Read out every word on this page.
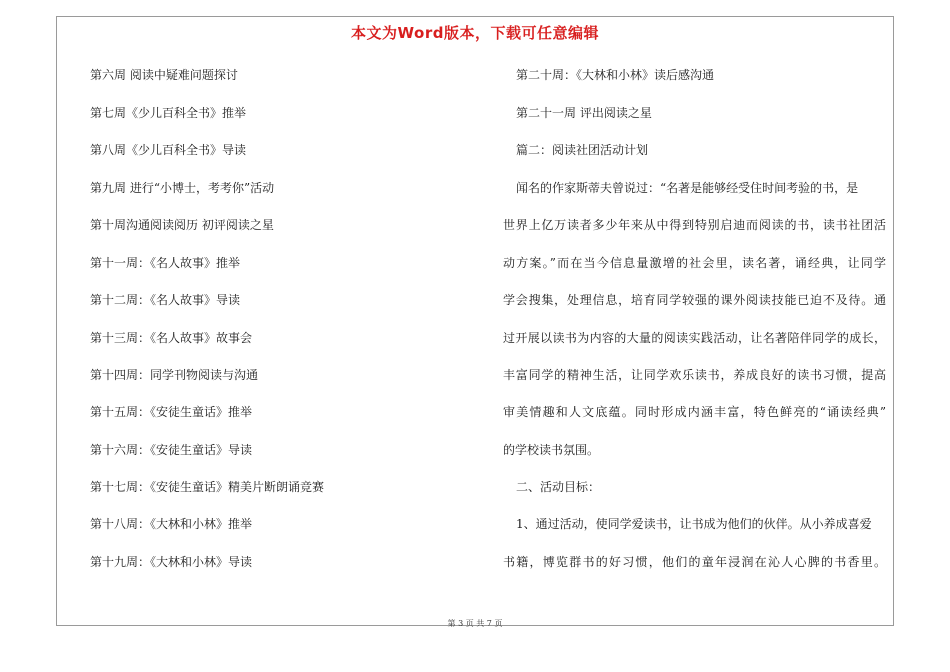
本文为Word版本，下载可任意编辑
第六周 阅读中疑难问题探讨
第七周《少儿百科全书》推举
第八周《少儿百科全书》导读
第九周 进行“小博士，考考你”活动
第十周沟通阅读阅历 初评阅读之星
第十一周：《名人故事》推举
第十二周：《名人故事》导读
第十三周：《名人故事》故事会
第十四周：同学刊物阅读与沟通
第十五周：《安徒生童话》推举
第十六周：《安徒生童话》导读
第十七周：《安徒生童话》精美片断朗诵竞赛
第十八周：《大林和小林》推举
第十九周：《大林和小林》导读
第二十周：《大林和小林》读后感沟通
第二十一周 评出阅读之星
篇二：阅读社团活动计划
闻名的作家斯蒂夫曾说过：“名著是能够经受住时间考验的书，是
世界上亿万读者多少年来从中得到特别启迪而阅读的书，读书社团活
动方案。”而在当今信息量激增的社会里，读名著，诵经典，让同学
学会搜集，处理信息，培育同学较强的课外阅读技能已迫不及待。通
过开展以读书为内容的大量的阅读实践活动，让名著陪伴同学的成长，
丰富同学的精神生活，让同学欢乐读书，养成良好的读书习惯，提高
审美情趣和人文底蕴。同时形成内涵丰富，特色鲜亮的“诵读经典”
的学校读书氛围。
二、活动目标：
1、通过活动，使同学爱读书，让书成为他们的伙伴。从小养成喜爱
书籍，博览群书的好习惯，他们的童年浸润在沁人心脾的书香里。
第 3 页 共 7 页
